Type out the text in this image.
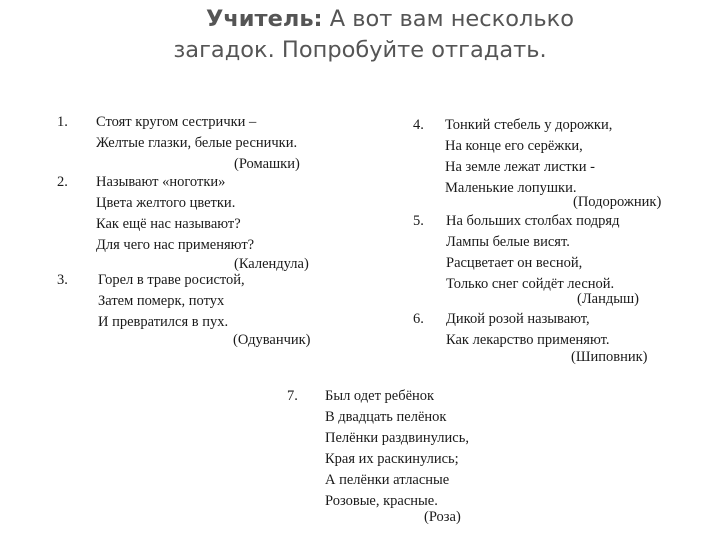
Учитель: А вот вам несколько
загадок. Попробуйте отгадать.
1. Стоят кругом сестрички –
Желтые глазки, белые реснички.
(Ромашки)
2. Называют «ноготки»
Цвета желтого цветки.
Как ещё нас называют?
Для чего нас применяют?
(Календула)
3. Горел в траве росистой,
Затем померк, потух
И превратился в пух.
(Одуванчик)
4. Тонкий стебель у дорожки,
На конце его серёжки,
На земле лежат листки -
Маленькие лопушки.
(Подорожник)
5. На больших столбах подряд
Лампы белые висят.
Расцветает он весной,
Только снег сойдёт лесной.
(Ландыш)
6. Дикой розой называют,
Как лекарство применяют.
(Шиповник)
7. Был одет ребёнок
В двадцать пелёнок
Пелёнки раздвинулись,
Края их раскинулись;
А пелёнки атласные
Розовые, красные.
(Роза)
